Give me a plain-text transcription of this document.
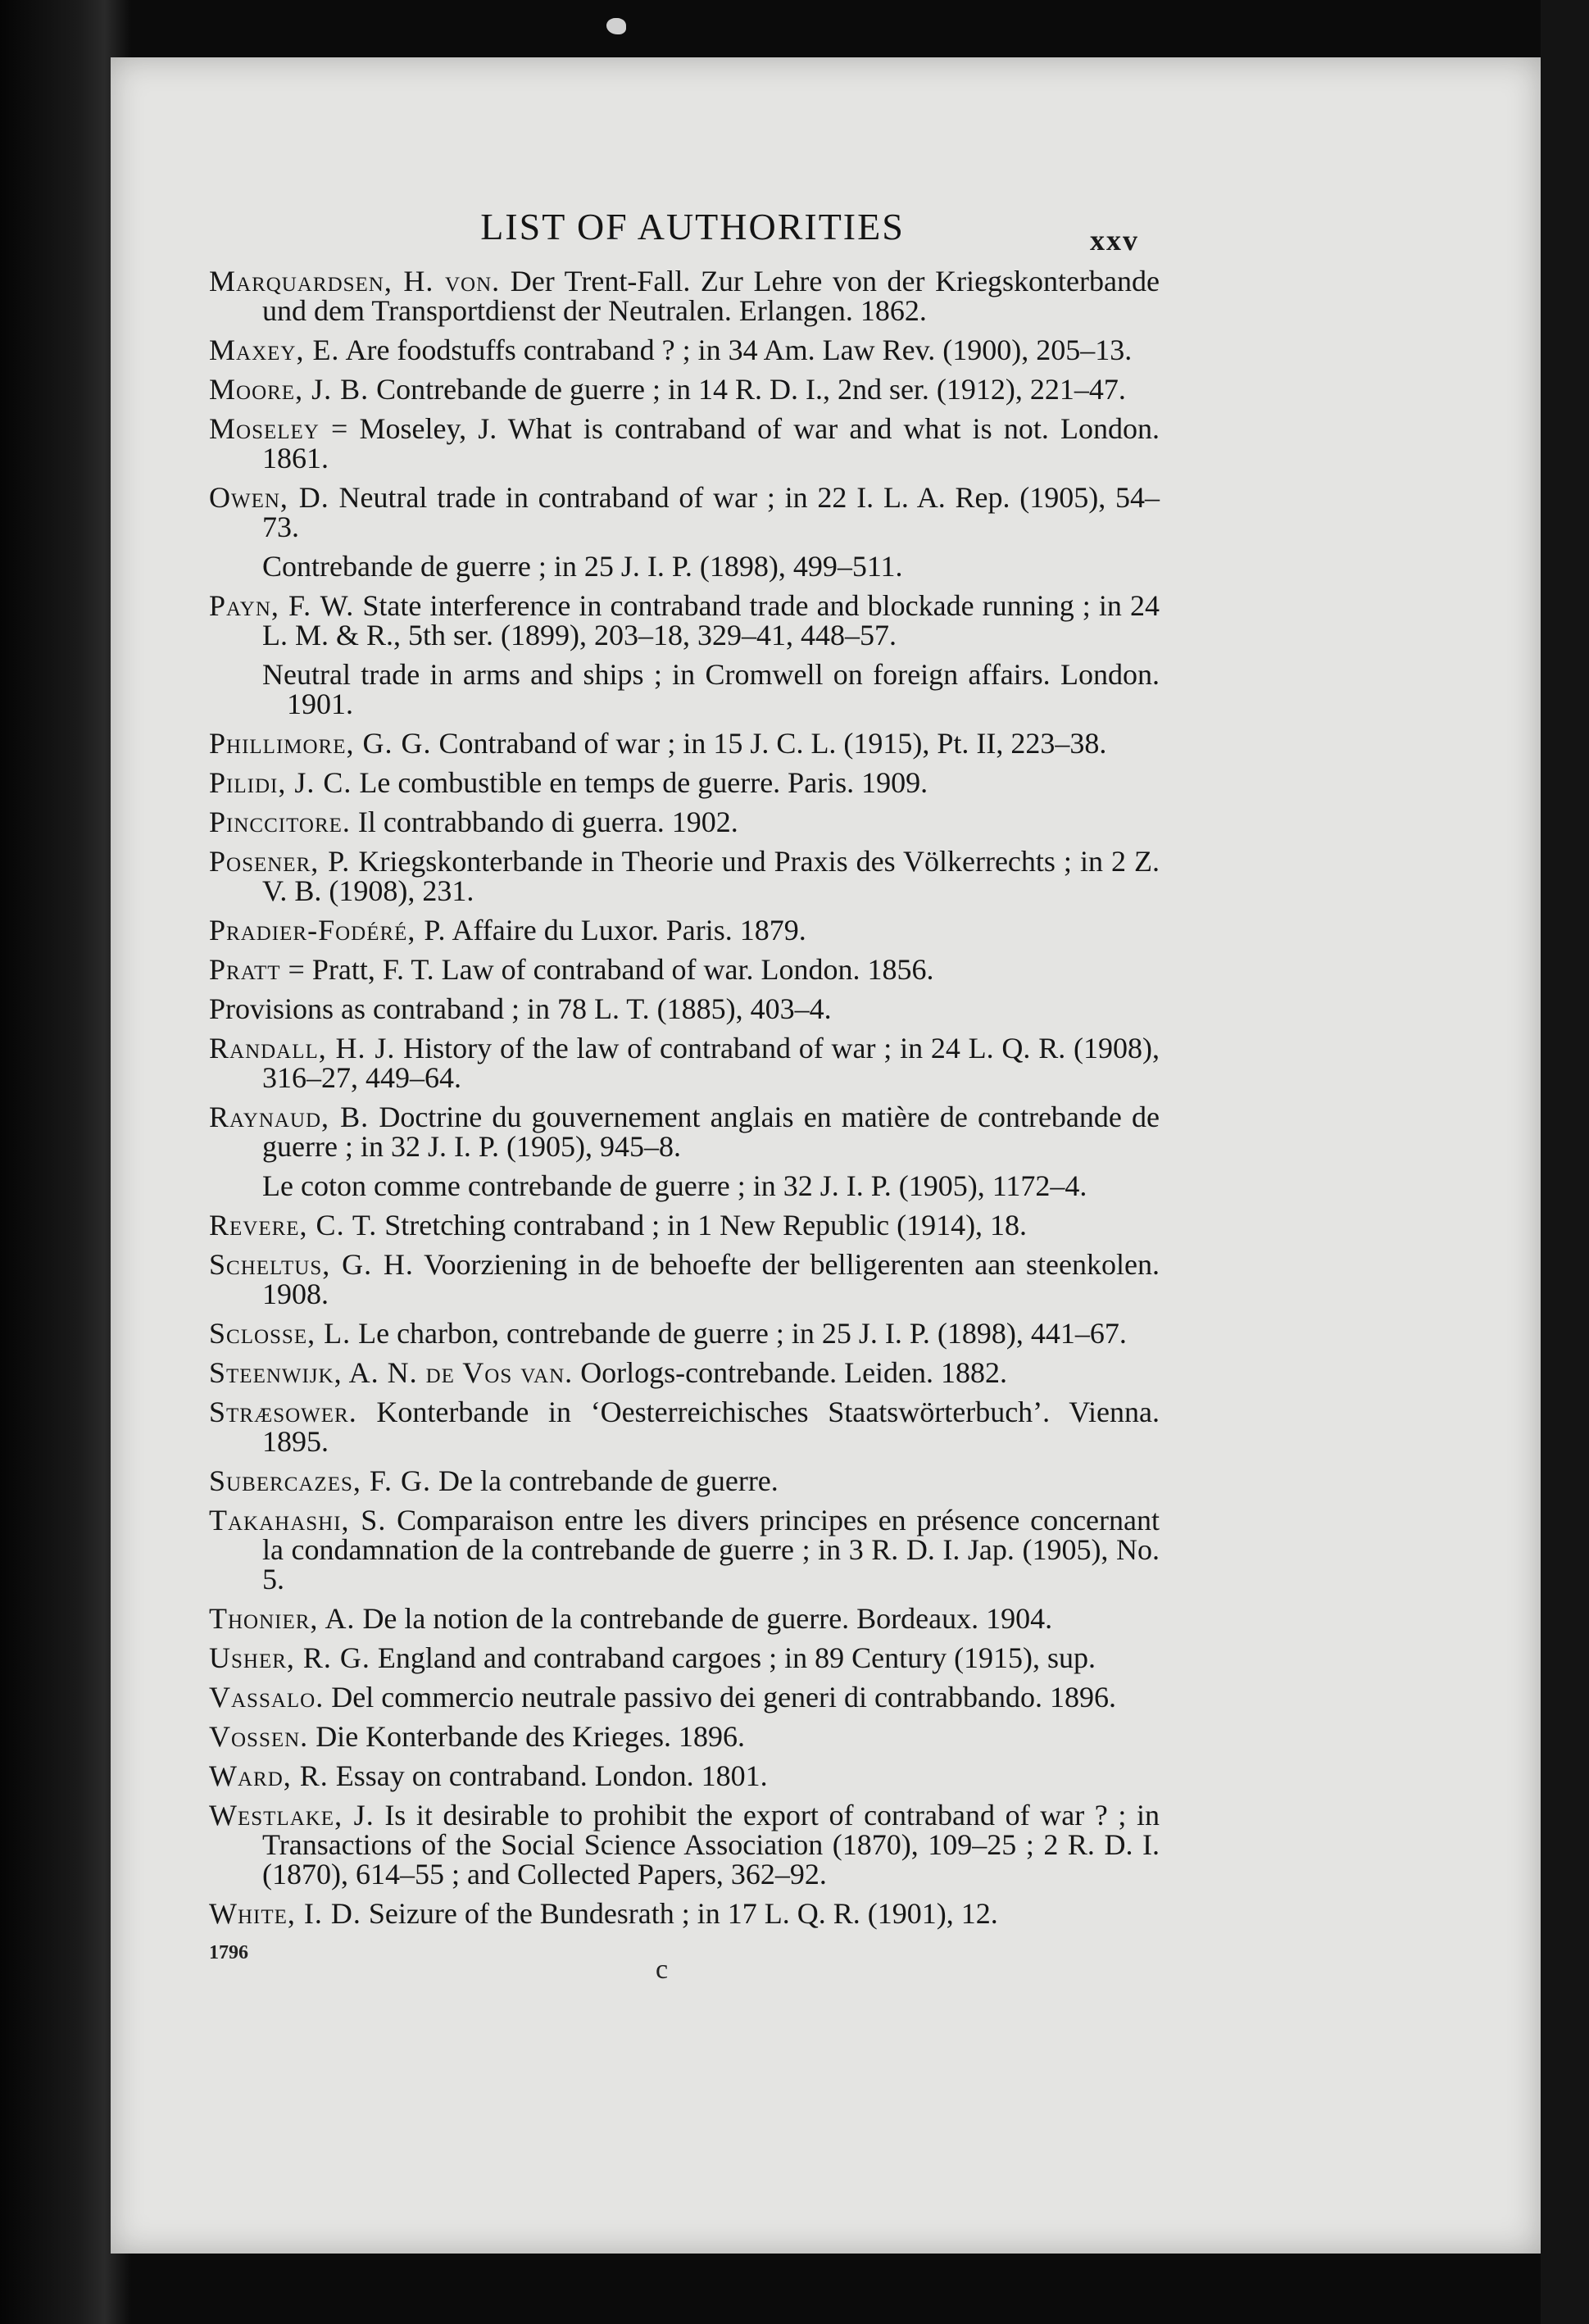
LIST OF AUTHORITIES	xxv
Marquardsen, H. von. Der Trent-Fall. Zur Lehre von der Kriegskonterbande und dem Transportdienst der Neutralen. Erlangen. 1862.
Maxey, E. Are foodstuffs contraband ? ; in 34 Am. Law Rev. (1900), 205–13.
Moore, J. B. Contrebande de guerre ; in 14 R. D. I., 2nd ser. (1912), 221–47.
Moseley = Moseley, J. What is contraband of war and what is not. London. 1861.
Owen, D. Neutral trade in contraband of war ; in 22 I. L. A. Rep. (1905), 54–73.
Contrebande de guerre ; in 25 J. I. P. (1898), 499–511.
Payn, F. W. State interference in contraband trade and blockade running ; in 24 L. M. & R., 5th ser. (1899), 203–18, 329–41, 448–57.
Neutral trade in arms and ships ; in Cromwell on foreign affairs. London. 1901.
Phillimore, G. G. Contraband of war ; in 15 J. C. L. (1915), Pt. II, 223–38.
Pilidi, J. C. Le combustible en temps de guerre. Paris. 1909.
Pinccitore. Il contrabbando di guerra. 1902.
Posener, P. Kriegskonterbande in Theorie und Praxis des Völkerrechts ; in 2 Z. V. B. (1908), 231.
Pradier-Fodéré, P. Affaire du Luxor. Paris. 1879.
Pratt = Pratt, F. T. Law of contraband of war. London. 1856.
Provisions as contraband ; in 78 L. T. (1885), 403–4.
Randall, H. J. History of the law of contraband of war ; in 24 L. Q. R. (1908), 316–27, 449–64.
Raynaud, B. Doctrine du gouvernement anglais en matière de contrebande de guerre ; in 32 J. I. P. (1905), 945–8.
Le coton comme contrebande de guerre ; in 32 J. I. P. (1905), 1172–4.
Revere, C. T. Stretching contraband ; in 1 New Republic (1914), 18.
Scheltus, G. H. Voorziening in de behoefte der belligerenten aan steenkolen. 1908.
Sclosse, L. Le charbon, contrebande de guerre ; in 25 J. I. P. (1898), 441–67.
Steenwijk, A. N. de Vos van. Oorlogs-contrebande. Leiden. 1882.
Stræsower. Konterbande in ‘Oesterreichisches Staatswörterbuch’. Vienna. 1895.
Subercazes, F. G. De la contrebande de guerre.
Takahashi, S. Comparaison entre les divers principes en présence concernant la condamnation de la contrebande de guerre ; in 3 R. D. I. Jap. (1905), No. 5.
Thonier, A. De la notion de la contrebande de guerre. Bordeaux. 1904.
Usher, R. G. England and contraband cargoes ; in 89 Century (1915), sup.
Vassalo. Del commercio neutrale passivo dei generi di contrabbando. 1896.
Vossen. Die Konterbande des Krieges. 1896.
Ward, R. Essay on contraband. London. 1801.
Westlake, J. Is it desirable to prohibit the export of contraband of war ? ; in Transactions of the Social Science Association (1870), 109–25 ; 2 R. D. I. (1870), 614–55 ; and Collected Papers, 362–92.
White, I. D. Seizure of the Bundesrath ; in 17 L. Q. R. (1901), 12.
1796
c
